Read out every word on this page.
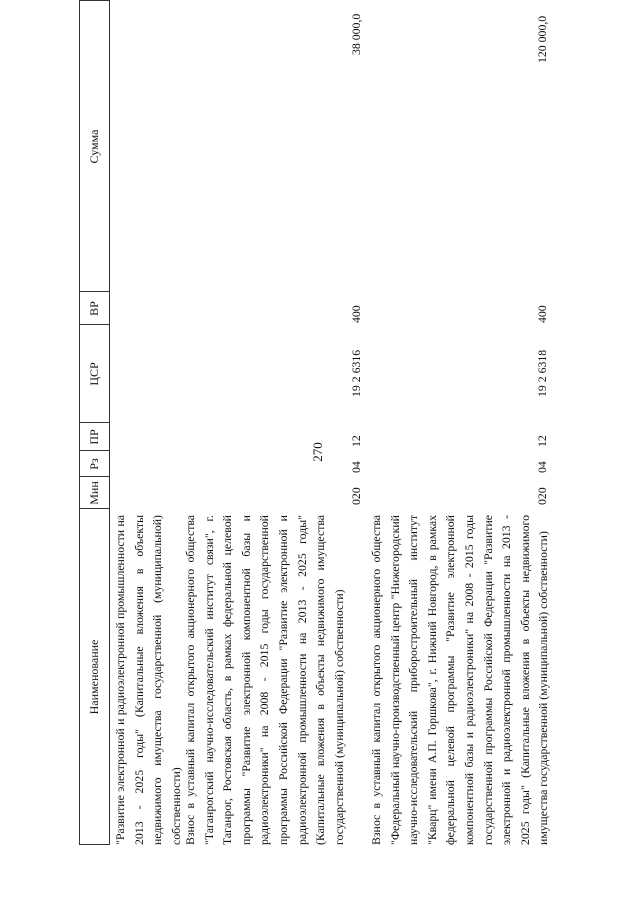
270
Наименование
Мин
Рз
ПР
ЦСР
ВР
Сумма
"Развитие электронной и радиоэлектронной промышленности на 2013 - 2025 годы" (Капитальные вложения в объекты недвижимого имущества государственной (муниципальной) собственности) Взнос в уставный капитал открытого акционерного общества "Таганрогский научно-исследовательский институт связи", г. Таганрог, Ростовская область, в рамках федеральной целевой программы "Развитие электронной компонентной базы и радиоэлектроники" на 2008 - 2015 годы государственной программы Российской Федерации "Развитие электронной и радиоэлектронной промышленности на 2013 - 2025 годы" (Капитальные вложения в объекты недвижимого имущества государственной (муниципальной) собственности)
020
04
12
19 2 6316
400
38 000,0
Взнос в уставный капитал открытого акционерного общества "Федеральный научно-производственный центр "Нижегородский научно-исследовательский приборостроительный институт "Кварц" имени А.П. Горшкова", г. Нижний Новгород, в рамках федеральной целевой программы "Развитие электронной компонентной базы и радиоэлектроники" на 2008 - 2015 годы государственной программы Российской Федерации "Развитие электронной и радиоэлектронной промышленности на 2013 - 2025 годы" (Капитальные вложения в объекты недвижимого имущества государственной (муниципальной) собственности)
020
04
12
19 2 6318
400
120 000,0
